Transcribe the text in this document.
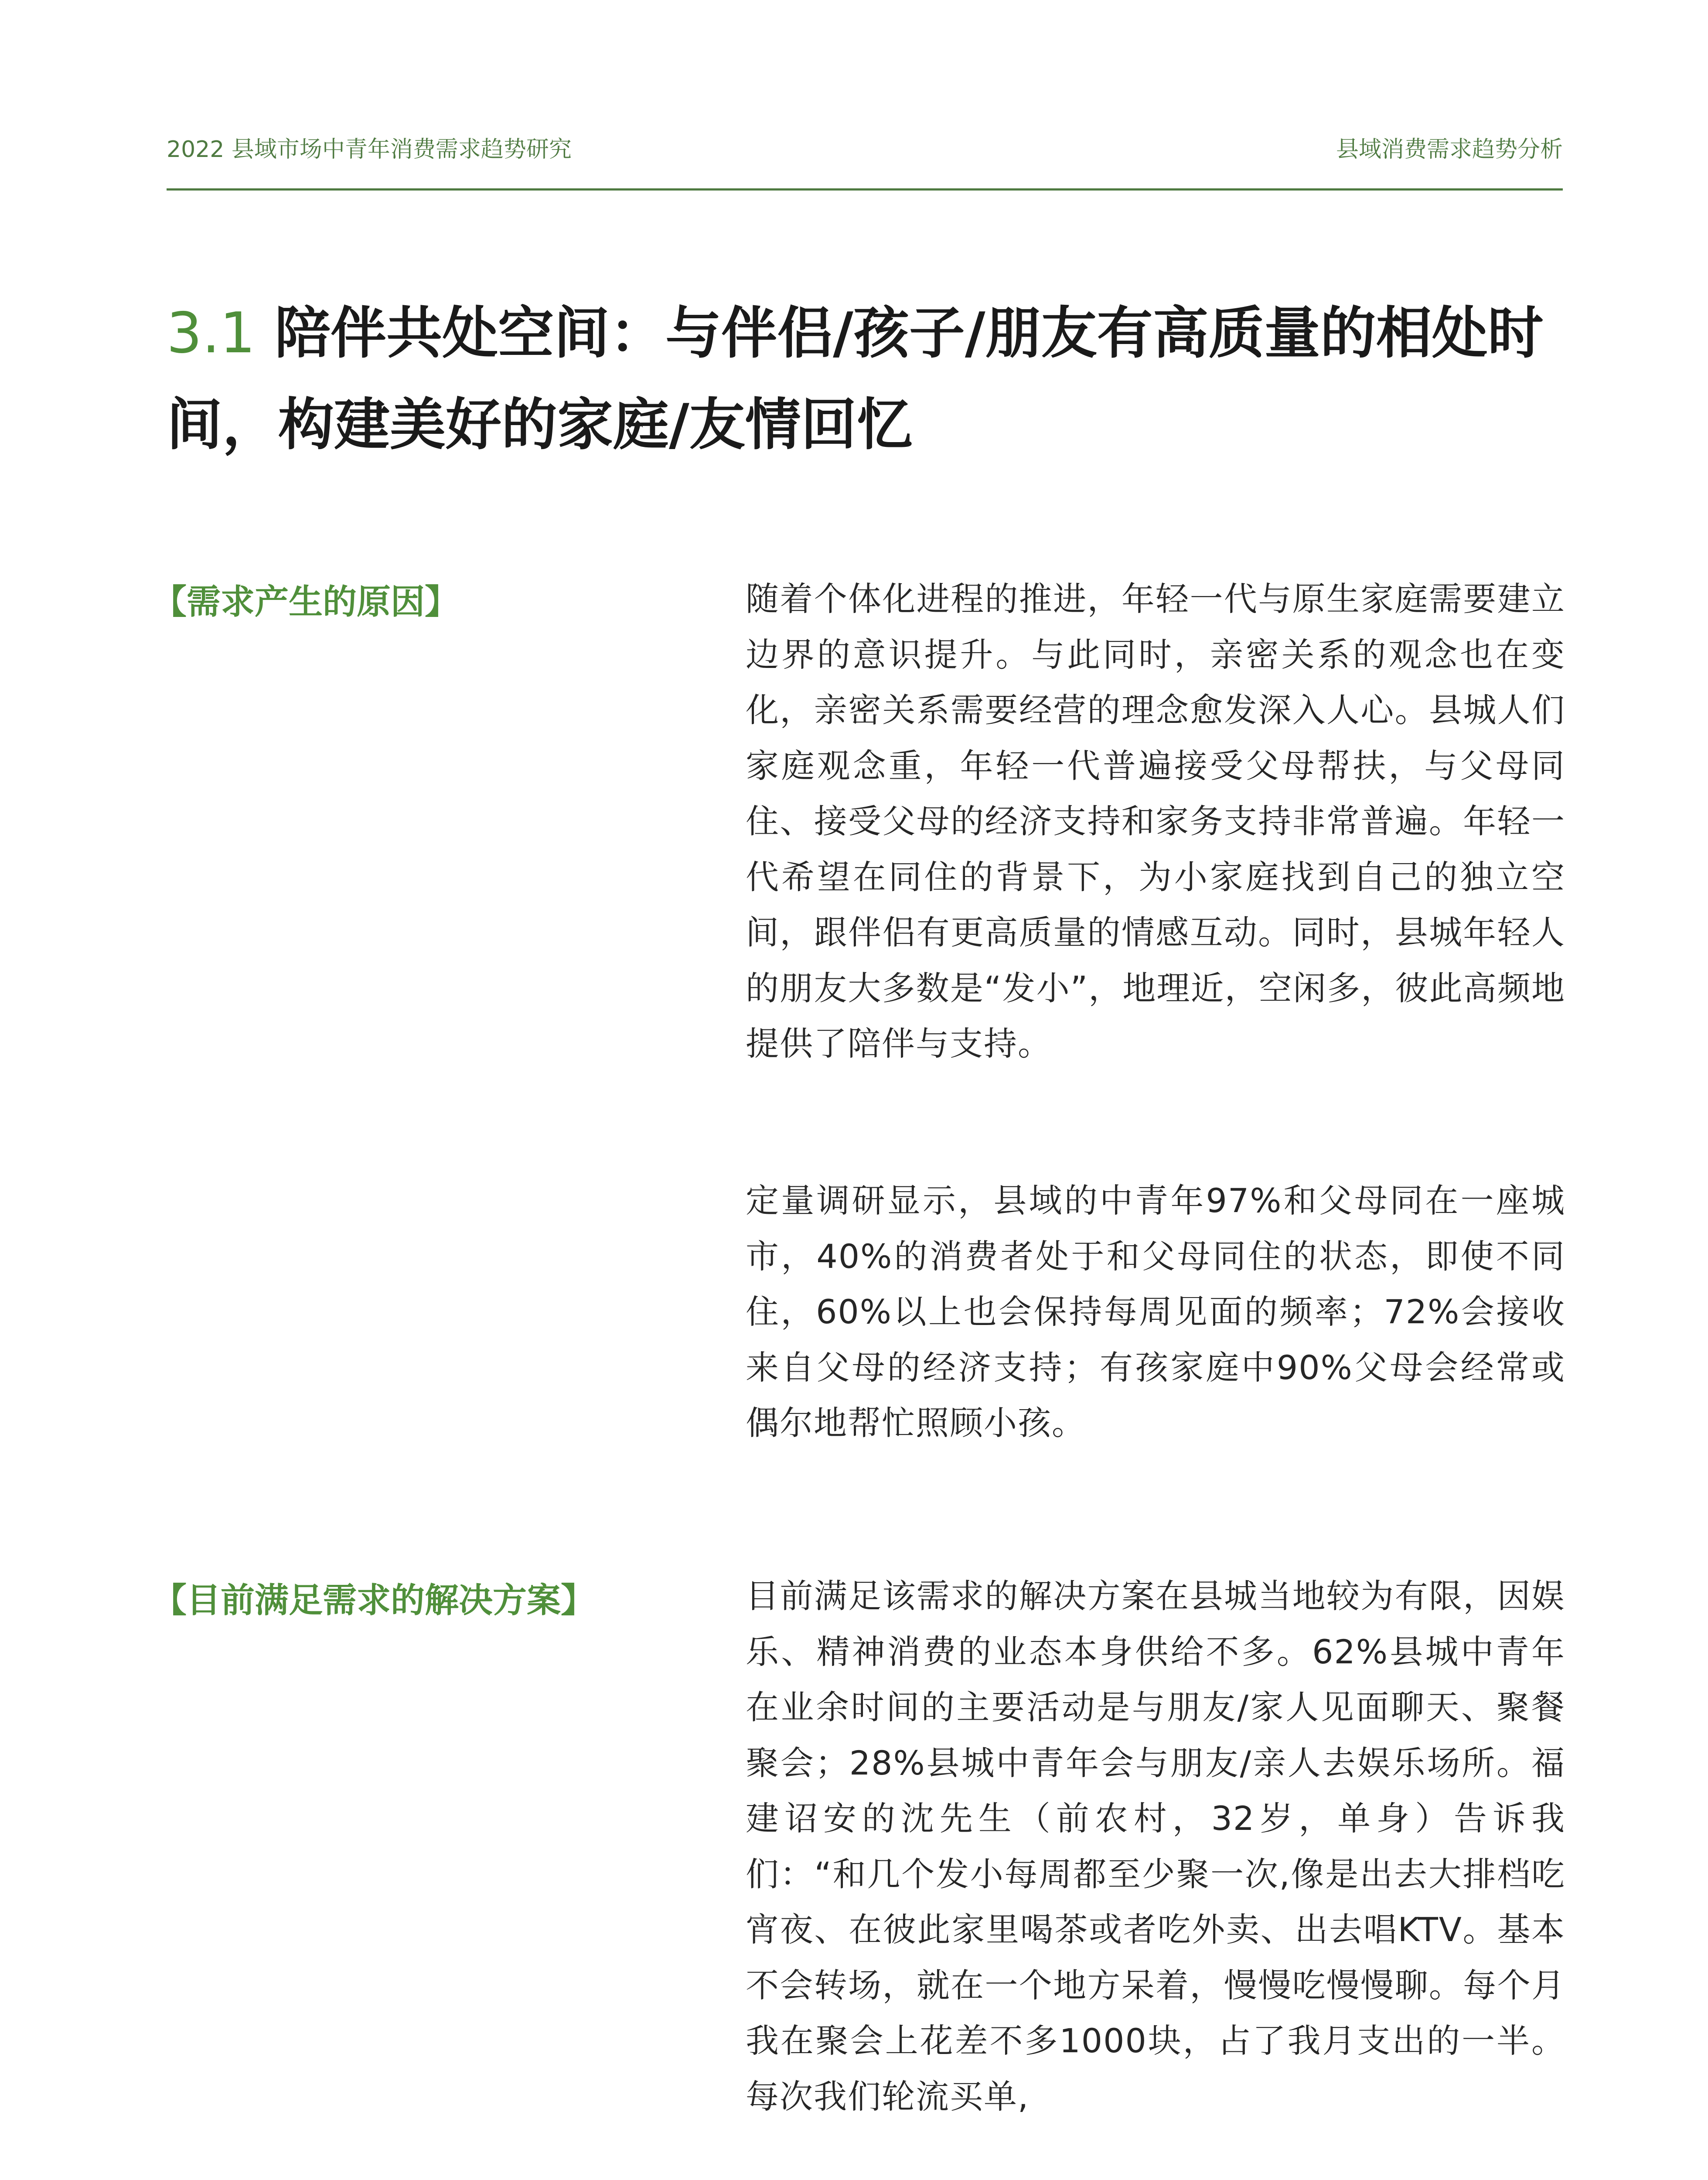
2022 县域市场中青年消费需求趋势研究	县域消费需求趋势分析
3.1 陪伴共处空间：与伴侣/孩子/朋友有高质量的相处时间，构建美好的家庭/友情回忆
【需求产生的原因】	随着个体化进程的推进，年轻一代与原生家庭需要建立边界的意识提升。与此同时，亲密关系的观念也在变化，亲密关系需要经营的理念愈发深入人心。县城人们家庭观念重，年轻一代普遍接受父母帮扶，与父母同住、接受父母的经济支持和家务支持非常普遍。年轻一代希望在同住的背景下，为小家庭找到自己的独立空间，跟伴侣有更高质量的情感互动。同时，县城年轻人的朋友大多数是“发小”，地理近，空闲多，彼此高频地提供了陪伴与支持。

定量调研显示，县域的中青年97%和父母同在一座城市，40%的消费者处于和父母同住的状态，即使不同住，60%以上也会保持每周见面的频率；72%会接收来自父母的经济支持；有孩家庭中90%父母会经常或偶尔地帮忙照顾小孩。

【目前满足需求的解决方案】	目前满足该需求的解决方案在县城当地较为有限，因娱乐、精神消费的业态本身供给不多。62%县城中青年在业余时间的主要活动是与朋友/家人见面聊天、聚餐聚会；28%县城中青年会与朋友/亲人去娱乐场所。福建诏安的沈先生（前农村，32岁，单身）告诉我们：“和几个发小每周都至少聚一次,像是出去大排档吃宵夜、在彼此家里喝茶或者吃外卖、出去唱KTV。基本不会转场，就在一个地方呆着，慢慢吃慢慢聊。每个月我在聚会上花差不多1000块，占了我月支出的一半。每次我们轮流买单,
